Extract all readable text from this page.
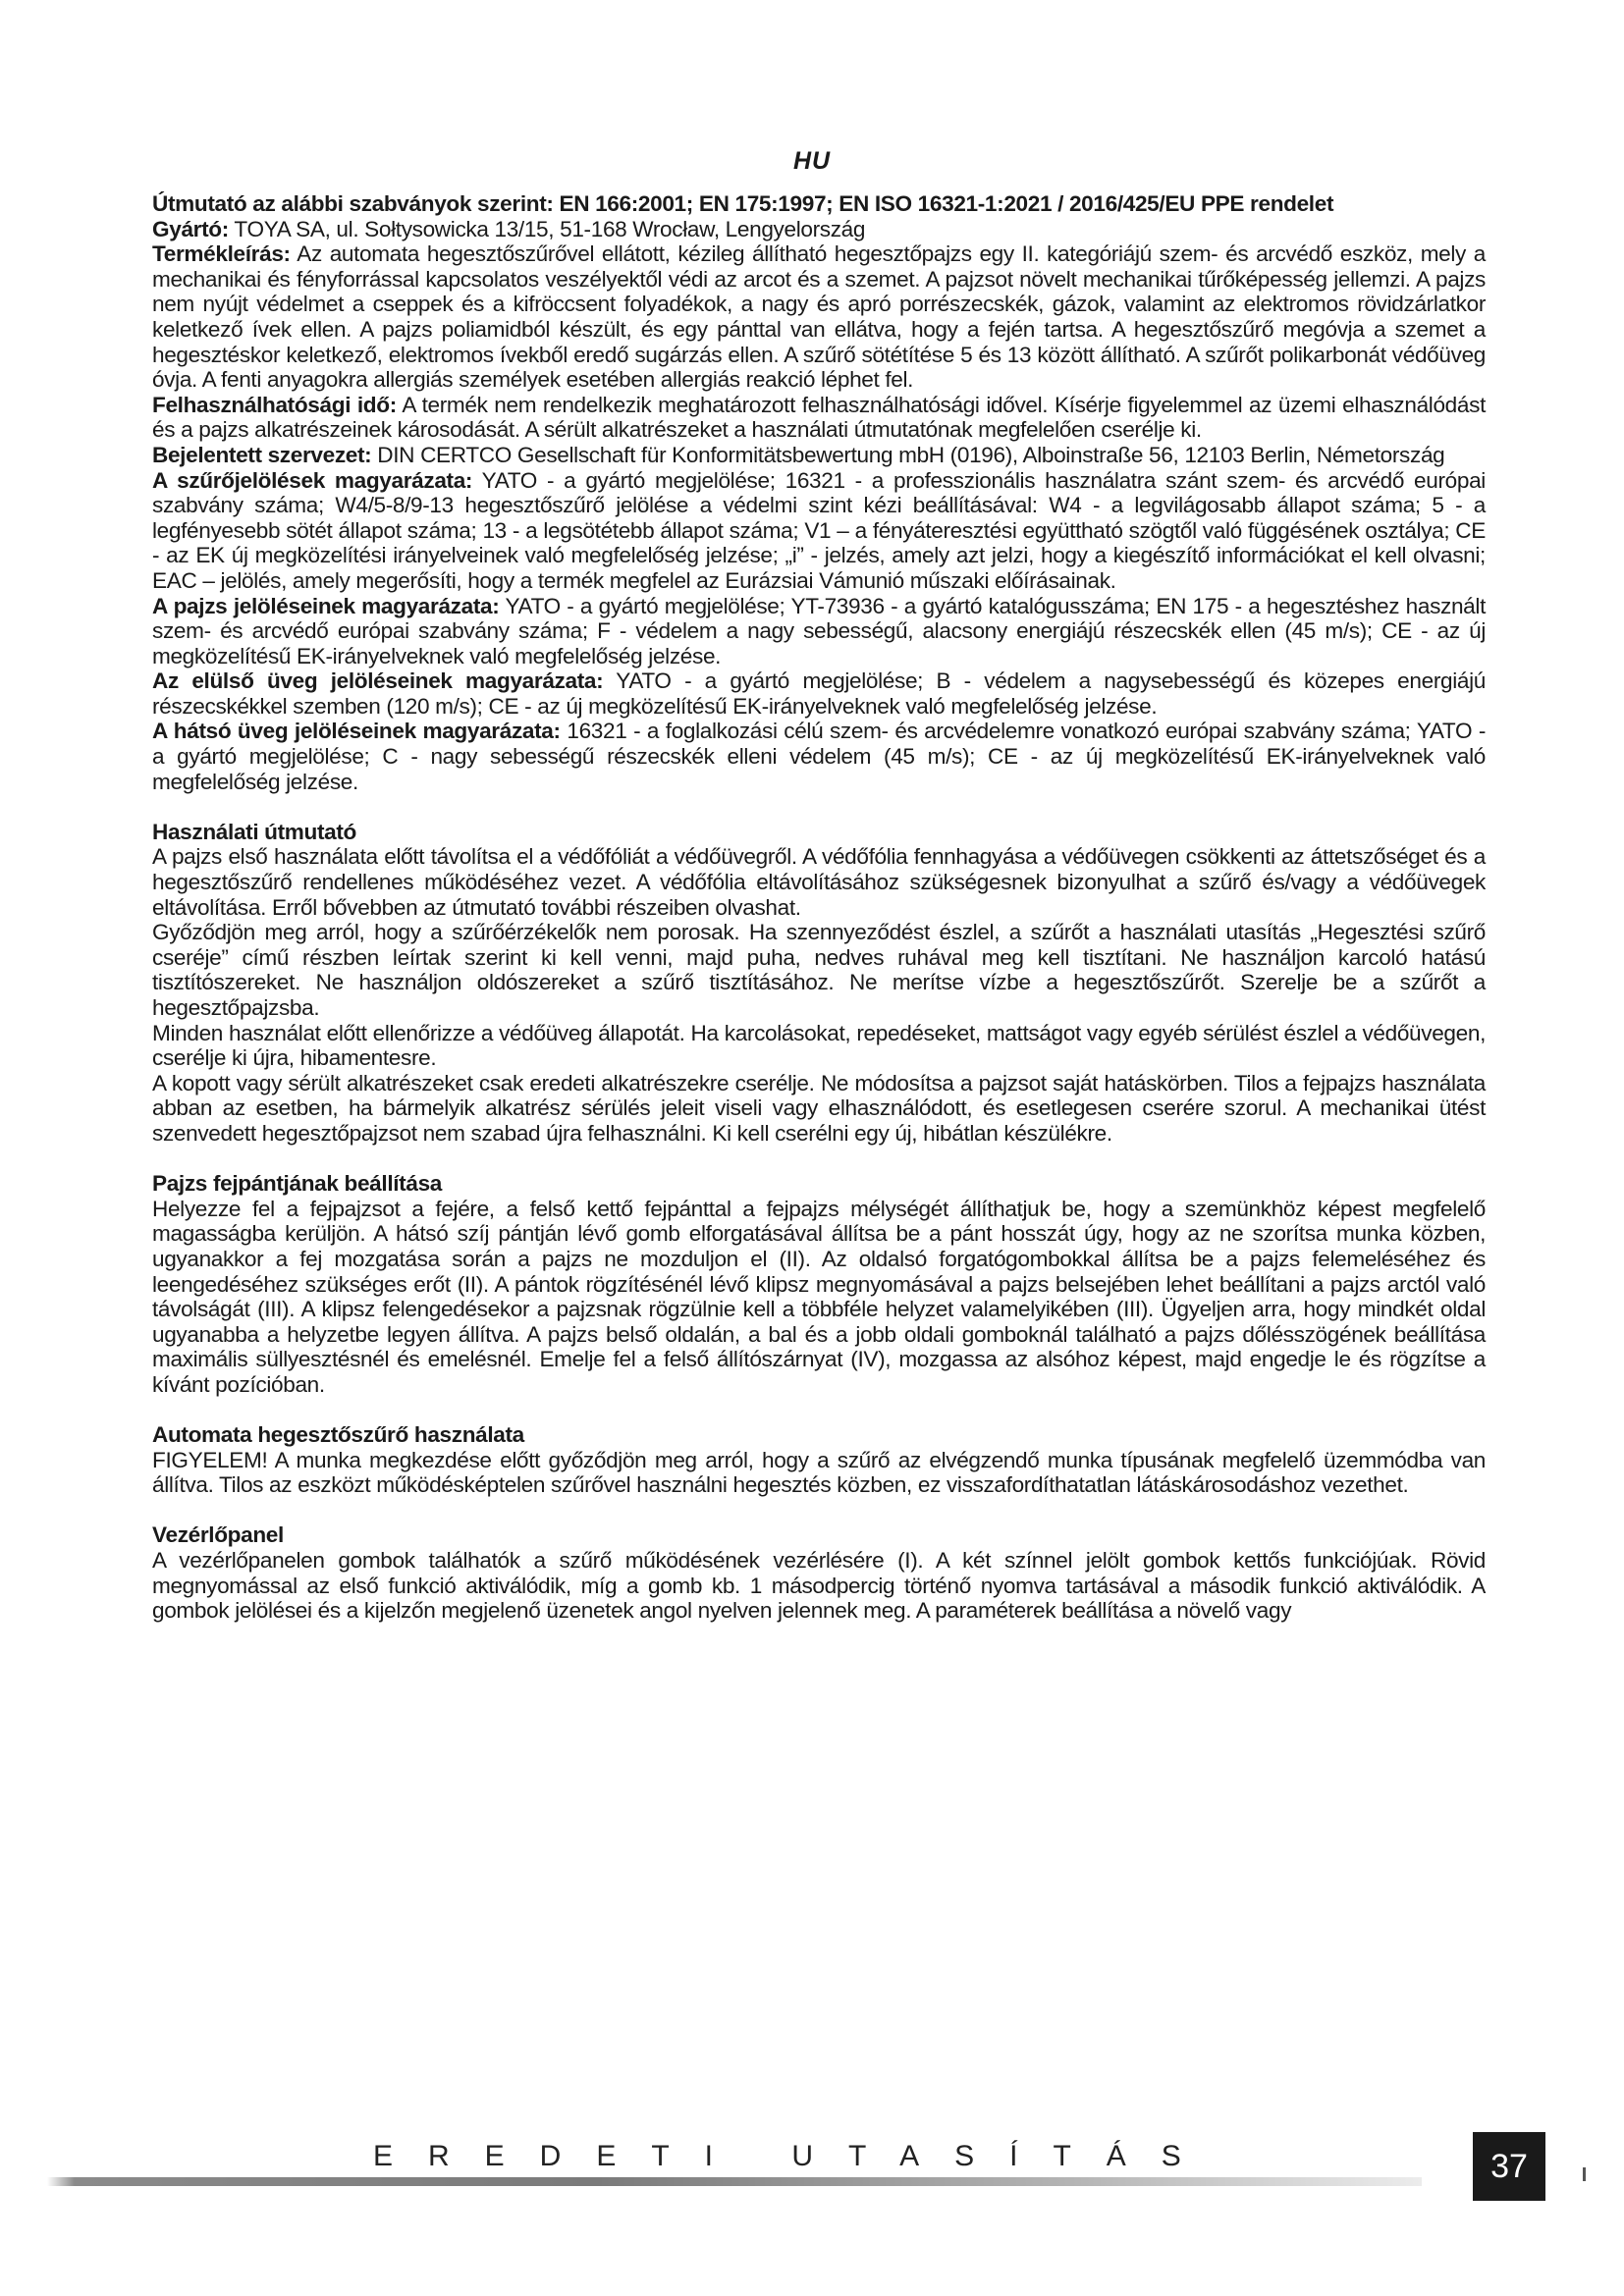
HU

Útmutató az alábbi szabványok szerint: EN 166:2001; EN 175:1997; EN ISO 16321-1:2021 / 2016/425/EU PPE rendelet

Gyártó: TOYA SA, ul. Sołtysowicka 13/15, 51-168 Wrocław, Lengyelország

Termékleírás: Az automata hegesztőszűrővel ellátott, kézileg állítható hegesztőpajzs egy II. kategóriájú szem- és arcvédő eszköz, mely a mechanikai és fényforrással kapcsolatos veszélyektől védi az arcot és a szemet. A pajzsot növelt mechanikai tűrőképesség jellemzi. A pajzs nem nyújt védelmet a cseppek és a kifröccsent folyadékok, a nagy és apró porrészecskék, gázok, valamint az elektromos rövidzárlatkor keletkező ívek ellen. A pajzs poliamidból készült, és egy pánttal van ellátva, hogy a fején tartsa. A hegesztőszűrő megóvja a szemet a hegesztéskor keletkező, elektromos ívekből eredő sugárzás ellen. A szűrő sötétítése 5 és 13 között állítható. A szűrőt polikarbonát védőüveg óvja. A fenti anyagokra allergiás személyek esetében allergiás reakció léphet fel.

Felhasználhatósági idő: A termék nem rendelkezik meghatározott felhasználhatósági idővel. Kísérje figyelemmel az üzemi elhasználódást és a pajzs alkatrészeinek károsodását. A sérült alkatrészeket a használati útmutatónak megfelelően cserélje ki.

Bejelentett szervezet: DIN CERTCO Gesellschaft für Konformitätsbewertung mbH (0196), Alboinstraße 56, 12103 Berlin, Németország

A szűrőjelölések magyarázata: YATO - a gyártó megjelölése; 16321 - a professzionális használatra szánt szem- és arcvédő európai szabvány száma; W4/5-8/9-13 hegesztőszűrő jelölése a védelmi szint kézi beállításával: W4 - a legvilágosabb állapot száma; 5 - a legfényesebb sötét állapot száma; 13 - a legsötétebb állapot száma; V1 – a fényáteresztési együttható szögtől való függésének osztálya; CE - az EK új megközelítési irányelveinek való megfelelőség jelzése; „i” - jelzés, amely azt jelzi, hogy a kiegészítő információkat el kell olvasni; EAC – jelölés, amely megerősíti, hogy a termék megfelel az Eurázsiai Vámunió műszaki előírásainak.

A pajzs jelöléseinek magyarázata: YATO - a gyártó megjelölése; YT-73936 - a gyártó katalógusszáma; EN 175 - a hegesztéshez használt szem- és arcvédő európai szabvány száma; F - védelem a nagy sebességű, alacsony energiájú részecskék ellen (45 m/s); CE - az új megközelítésű EK-irányelveknek való megfelelőség jelzése.

Az elülső üveg jelöléseinek magyarázata: YATO - a gyártó megjelölése; B - védelem a nagysebességű és közepes energiájú részecskékkel szemben (120 m/s); CE - az új megközelítésű EK-irányelveknek való megfelelőség jelzése.

A hátsó üveg jelöléseinek magyarázata: 16321 - a foglalkozási célú szem- és arcvédelemre vonatkozó európai szabvány száma; YATO - a gyártó megjelölése; C - nagy sebességű részecskék elleni védelem (45 m/s); CE - az új megközelítésű EK-irányelveknek való megfelelőség jelzése.

Használati útmutató

A pajzs első használata előtt távolítsa el a védőfóliát a védőüvegről. A védőfólia fennhagyása a védőüvegen csökkenti az áttetszőséget és a hegesztőszűrő rendellenes működéséhez vezet. A védőfólia eltávolításához szükségesnek bizonyulhat a szűrő és/vagy a védőüvegek eltávolítása. Erről bővebben az útmutató további részeiben olvashat.

Győződjön meg arról, hogy a szűrőérzékelők nem porosak. Ha szennyeződést észlel, a szűrőt a használati utasítás „Hegesztési szűrő cseréje” című részben leírtak szerint ki kell venni, majd puha, nedves ruhával meg kell tisztítani. Ne használjon karcoló hatású tisztítószereket. Ne használjon oldószereket a szűrő tisztításához. Ne merítse vízbe a hegesztőszűrőt. Szerelje be a szűrőt a hegesztőpajzsba.

Minden használat előtt ellenőrizze a védőüveg állapotát. Ha karcolásokat, repedéseket, mattságot vagy egyéb sérülést észlel a védőüvegen, cserélje ki újra, hibamentesre.

A kopott vagy sérült alkatrészeket csak eredeti alkatrészekre cserélje. Ne módosítsa a pajzsot saját hatáskörben. Tilos a fejpajzs használata abban az esetben, ha bármelyik alkatrész sérülés jeleit viseli vagy elhasználódott, és esetlegesen cserére szorul. A mechanikai ütést szenvedett hegesztőpajzsot nem szabad újra felhasználni. Ki kell cserélni egy új, hibátlan készülékre.

Pajzs fejpántjának beállítása

Helyezze fel a fejpajzsot a fejére, a felső kettő fejpánttal a fejpajzs mélységét állíthatjuk be, hogy a szemünkhöz képest megfelelő magasságba kerüljön. A hátsó szíj pántján lévő gomb elforgatásával állítsa be a pánt hosszát úgy, hogy az ne szorítsa munka közben, ugyanakkor a fej mozgatása során a pajzs ne mozduljon el (II). Az oldalsó forgatógombokkal állítsa be a pajzs felemeléséhez és leengedéséhez szükséges erőt (II). A pántok rögzítésénél lévő klipsz megnyomásával a pajzs belsejében lehet beállítani a pajzs arctól való távolságát (III). A klipsz felengedésekor a pajzsnak rögzülnie kell a többféle helyzet valamelyikében (III). Ügyeljen arra, hogy mindkét oldal ugyanabba a helyzetbe legyen állítva. A pajzs belső oldalán, a bal és a jobb oldali gomboknál található a pajzs dőlésszögének beállítása maximális süllyesztésnél és emelésnél. Emelje fel a felső állítószárnyat (IV), mozgassa az alsóhoz képest, majd engedje le és rögzítse a kívánt pozícióban.

Automata hegesztőszűrő használata

FIGYELEM! A munka megkezdése előtt győződjön meg arról, hogy a szűrő az elvégzendő munka típusának megfelelő üzemmódba van állítva. Tilos az eszközt működésképtelen szűrővel használni hegesztés közben, ez visszafordíthatatlan látáskárosodáshoz vezethet.

Vezérlőpanel

A vezérlőpanelen gombok találhatók a szűrő működésének vezérlésére (I). A két színnel jelölt gombok kettős funkciójúak. Rövid megnyomással az első funkció aktiválódik, míg a gomb kb. 1 másodpercig történő nyomva tartásával a második funkció aktiválódik. A gombok jelölései és a kijelzőn megjelenő üzenetek angol nyelven jelennek meg. A paraméterek beállítása a növelő vagy

EREDETI UTASÍTÁS	37
